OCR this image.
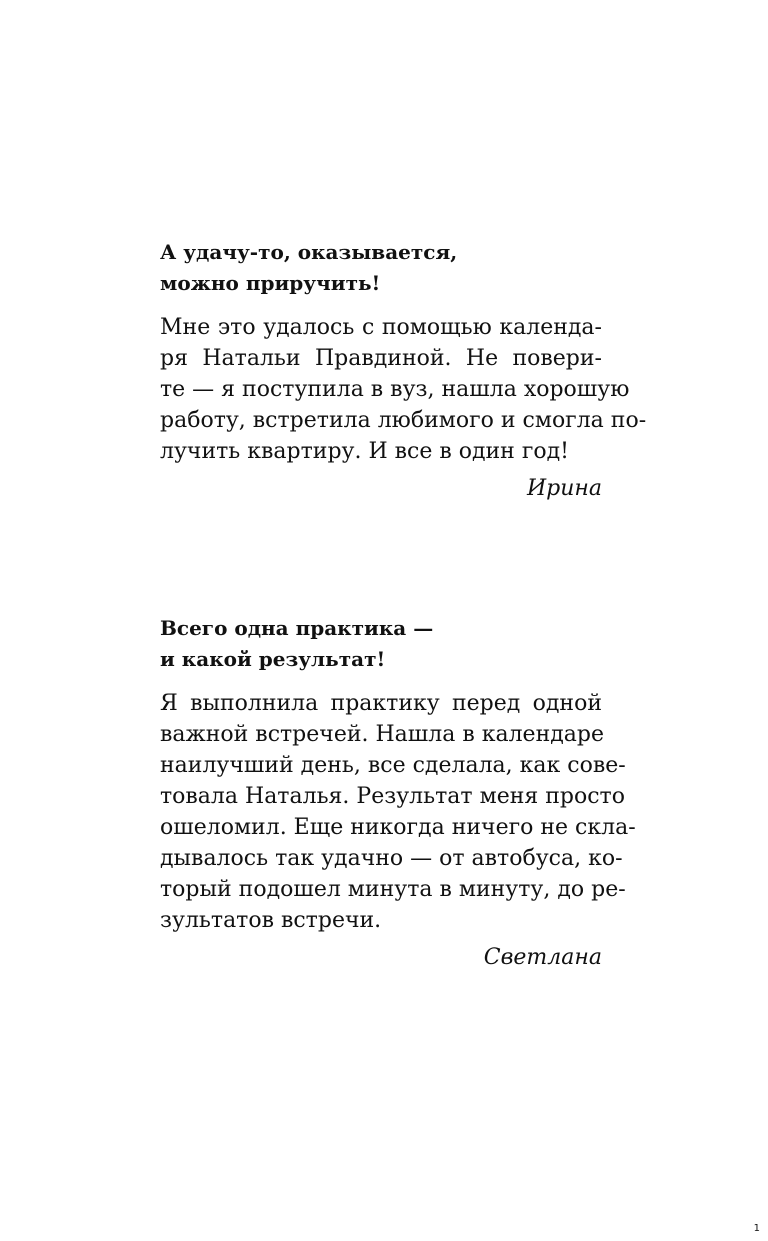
А удачу-то, оказывается,
можно приручить!
Мне это удалось с помощью календа-
ря Натальи Правдиной. Не повери-
те — я поступила в вуз, нашла хорошую
работу, встретила любимого и смогла по-
лучить квартиру. И все в один год!
Ирина
Всего одна практика —
и какой результат!
Я выполнила практику перед одной
важной встречей. Нашла в календаре
наилучший день, все сделала, как сове-
товала Наталья. Результат меня просто
ошеломил. Еще никогда ничего не скла-
дывалось так удачно — от автобуса, ко-
торый подошел минута в минуту, до ре-
зультатов встречи.
Светлана
1
